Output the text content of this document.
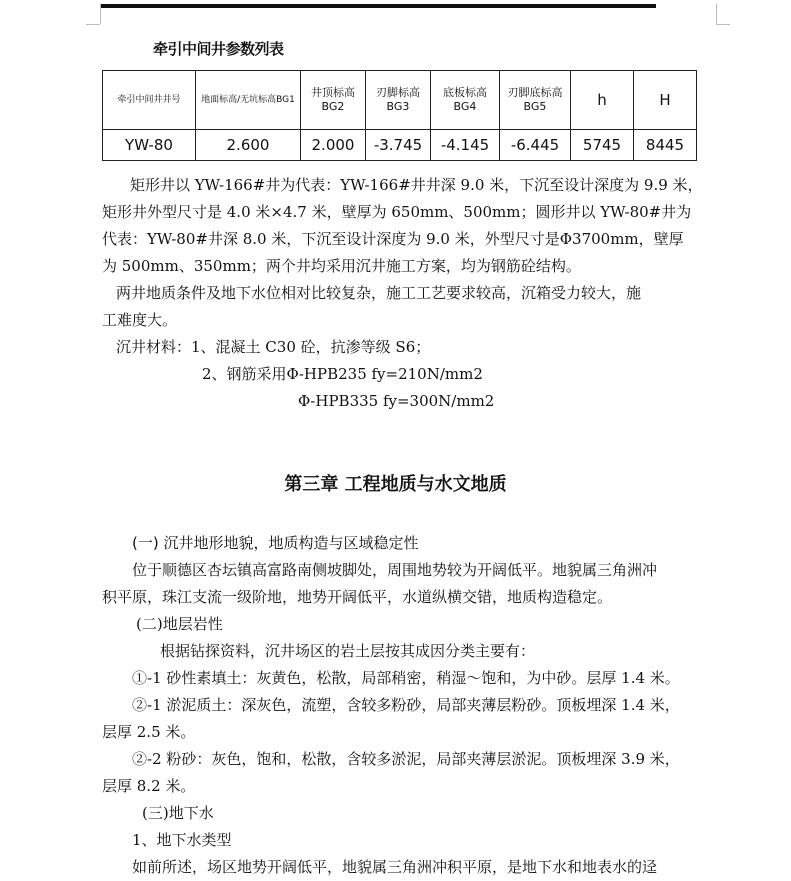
牵引中间井参数列表
牵引中间井井号	地面标高/无坑标高BG1	井顶标高BG2	刃脚标高BG3	底板标高BG4	刃脚底标高BG5	h	H
YW-80	2.600	2.000	-3.745	-4.145	-6.445	5745	8445
矩形井以 YW-166#井为代表：YW-166#井井深 9.0 米，下沉至设计深度为 9.9 米，
矩形井外型尺寸是 4.0 米×4.7 米，壁厚为 650mm、500mm；圆形井以 YW-80#井为
代表：YW-80#井深 8.0 米，下沉至设计深度为 9.0 米，外型尺寸是Φ3700mm，壁厚
为 500mm、350mm；两个井均采用沉井施工方案，均为钢筋砼结构。
两井地质条件及地下水位相对比较复杂，施工工艺要求较高，沉箱受力较大，施
工难度大。
沉井材料：1、混凝土 C30 砼，抗渗等级 S6；
2、钢筋采用Φ-HPB235 fy=210N/mm2
Φ-HPB335 fy=300N/mm2
第三章 工程地质与水文地质
(一) 沉井地形地貌，地质构造与区域稳定性
位于顺德区杏坛镇高富路南侧坡脚处，周围地势较为开阔低平。地貌属三角洲冲
积平原，珠江支流一级阶地，地势开阔低平，水道纵横交错，地质构造稳定。
(二)地层岩性
根据钻探资料，沉井场区的岩土层按其成因分类主要有：
①-1 砂性素填土：灰黄色，松散，局部稍密，稍湿～饱和，为中砂。层厚 1.4 米。
②-1 淤泥质土：深灰色，流塑，含较多粉砂，局部夹薄层粉砂。顶板埋深 1.4 米，
层厚 2.5 米。
②-2 粉砂：灰色，饱和，松散，含较多淤泥，局部夹薄层淤泥。顶板埋深 3.9 米，
层厚 8.2 米。
(三)地下水
1、地下水类型
如前所述，场区地势开阔低平，地貌属三角洲冲积平原，是地下水和地表水的迳
